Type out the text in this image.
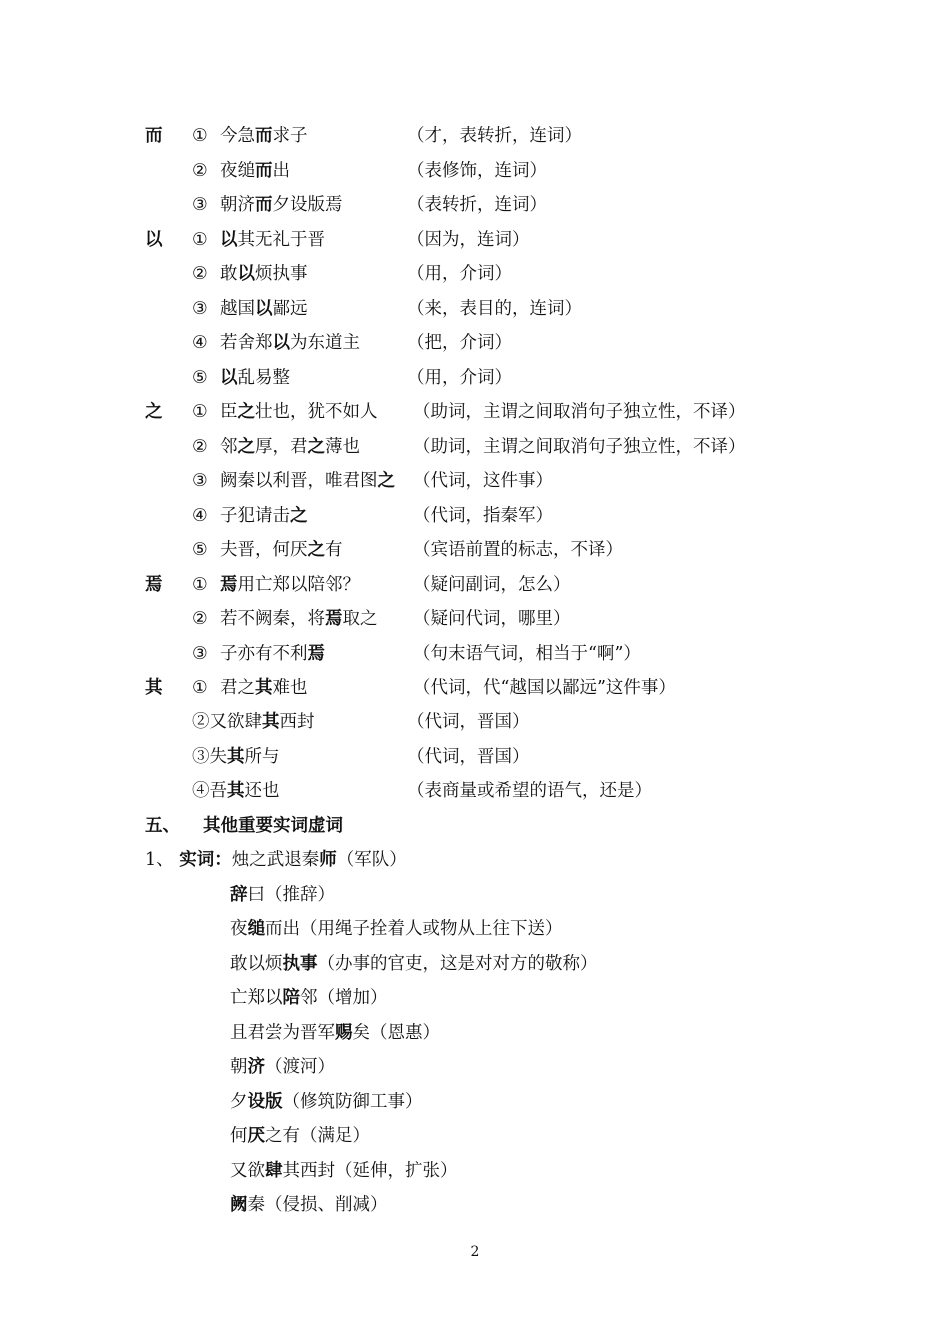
而 ① 今急而求子	（才，表转折，连词）
② 夜缒而出	（表修饰，连词）
③ 朝济而夕设版焉	（表转折，连词）
以 ① 以其无礼于晋	（因为，连词）
② 敢以烦执事	（用，介词）
③ 越国以鄙远	（来，表目的，连词）
④ 若舍郑以为东道主	（把，介词）
⑤ 以乱易整	（用，介词）
之 ① 臣之壮也，犹不如人 （助词，主谓之间取消句子独立性，不译）
② 邻之厚，君之薄也	（助词，主谓之间取消句子独立性，不译）
③ 阙秦以利晋，唯君图之 （代词，这件事）
④ 子犯请击之	（代词，指秦军）
⑤ 夫晋，何厌之有	（宾语前置的标志，不译）
焉 ① 焉用亡郑以陪邻？	（疑问副词，怎么）
② 若不阙秦，将焉取之 （疑问代词，哪里）
③ 子亦有不利焉	（句末语气词，相当于“啊”）
其 ① 君之其难也	（代词，代“越国以鄙远”这件事）
②又欲肆其西封	（代词，晋国）
③失其所与	（代词，晋国）
④吾其还也	（表商量或希望的语气，还是）
五、 其他重要实词虚词
1、 实词：烛之武退秦师（军队）
辞曰（推辞）
夜缒而出（用绳子拴着人或物从上往下送）
敢以烦执事（办事的官吏，这是对对方的敬称）
亡郑以陪邻（增加）
且君尝为晋军赐矣（恩惠）
朝济（渡河）
夕设版（修筑防御工事）
何厌之有（满足）
又欲肆其西封（延伸，扩张）
阙秦（侵损、削减）
2
